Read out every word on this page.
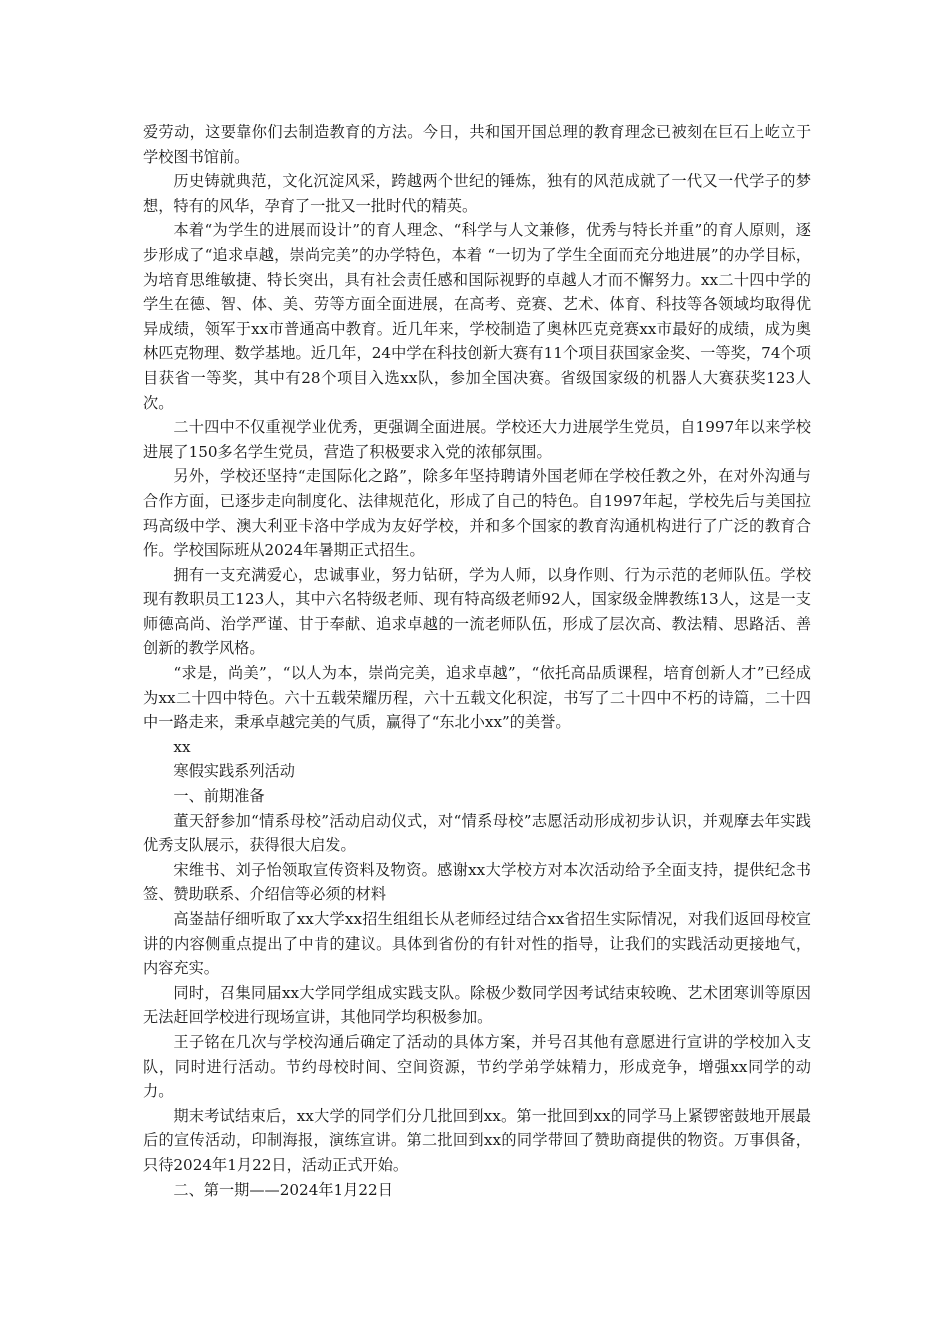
爱劳动，这要靠你们去制造教育的方法。今日，共和国开国总理的教育理念已被刻在巨石上屹立于学校图书馆前。

历史铸就典范，文化沉淀风采，跨越两个世纪的锤炼，独有的风范成就了一代又一代学子的梦想，特有的风华，孕育了一批又一批时代的精英。

本着“为学生的进展而设计”的育人理念、“科学与人文兼修，优秀与特长并重”的育人原则，逐步形成了“追求卓越，崇尚完美”的办学特色，本着 “一切为了学生全面而充分地进展”的办学目标，为培育思维敏捷、特长突出，具有社会责任感和国际视野的卓越人才而不懈努力。xx二十四中学的学生在德、智、体、美、劳等方面全面进展，在高考、竞赛、艺术、体育、科技等各领域均取得优异成绩，领军于xx市普通高中教育。近几年来，学校制造了奥林匹克竞赛xx市最好的成绩，成为奥林匹克物理、数学基地。近几年，24中学在科技创新大赛有11个项目获国家金奖、一等奖，74个项目获省一等奖，其中有28个项目入选xx队，参加全国决赛。省级国家级的机器人大赛获奖123人次。

二十四中不仅重视学业优秀，更强调全面进展。学校还大力进展学生党员，自1997年以来学校进展了150多名学生党员，营造了积极要求入党的浓郁氛围。

另外，学校还坚持“走国际化之路”，除多年坚持聘请外国老师在学校任教之外，在对外沟通与合作方面，已逐步走向制度化、法律规范化，形成了自己的特色。自1997年起，学校先后与美国拉玛高级中学、澳大利亚卡洛中学成为友好学校，并和多个国家的教育沟通机构进行了广泛的教育合作。学校国际班从2024年暑期正式招生。

拥有一支充满爱心，忠诚事业，努力钻研，学为人师，以身作则、行为示范的老师队伍。学校现有教职员工123人，其中六名特级老师、现有特高级老师92人，国家级金牌教练13人，这是一支师德高尚、治学严谨、甘于奉献、追求卓越的一流老师队伍，形成了层次高、教法精、思路活、善创新的教学风格。

“求是，尚美”，“以人为本，崇尚完美，追求卓越”，“依托高品质课程，培育创新人才”已经成为xx二十四中特色。六十五载荣耀历程，六十五载文化积淀，书写了二十四中不朽的诗篇，二十四中一路走来，秉承卓越完美的气质，赢得了“东北小xx”的美誉。

xx

寒假实践系列活动

一、前期准备

董天舒参加“情系母校”活动启动仪式，对“情系母校”志愿活动形成初步认识，并观摩去年实践优秀支队展示，获得很大启发。

宋维书、刘子怡领取宣传资料及物资。感谢xx大学校方对本次活动给予全面支持，提供纪念书签、赞助联系、介绍信等必须的材料

高崟喆仔细听取了xx大学xx招生组组长从老师经过结合xx省招生实际情况，对我们返回母校宣讲的内容侧重点提出了中肯的建议。具体到省份的有针对性的指导，让我们的实践活动更接地气，内容充实。

同时，召集同届xx大学同学组成实践支队。除极少数同学因考试结束较晚、艺术团寒训等原因无法赶回学校进行现场宣讲，其他同学均积极参加。

王子铭在几次与学校沟通后确定了活动的具体方案，并号召其他有意愿进行宣讲的学校加入支队，同时进行活动。节约母校时间、空间资源，节约学弟学妹精力，形成竞争，增强xx同学的动力。

期末考试结束后，xx大学的同学们分几批回到xx。第一批回到xx的同学马上紧锣密鼓地开展最后的宣传活动，印制海报，演练宣讲。第二批回到xx的同学带回了赞助商提供的物资。万事俱备，只待2024年1月22日，活动正式开始。

二、第一期——2024年1月22日
